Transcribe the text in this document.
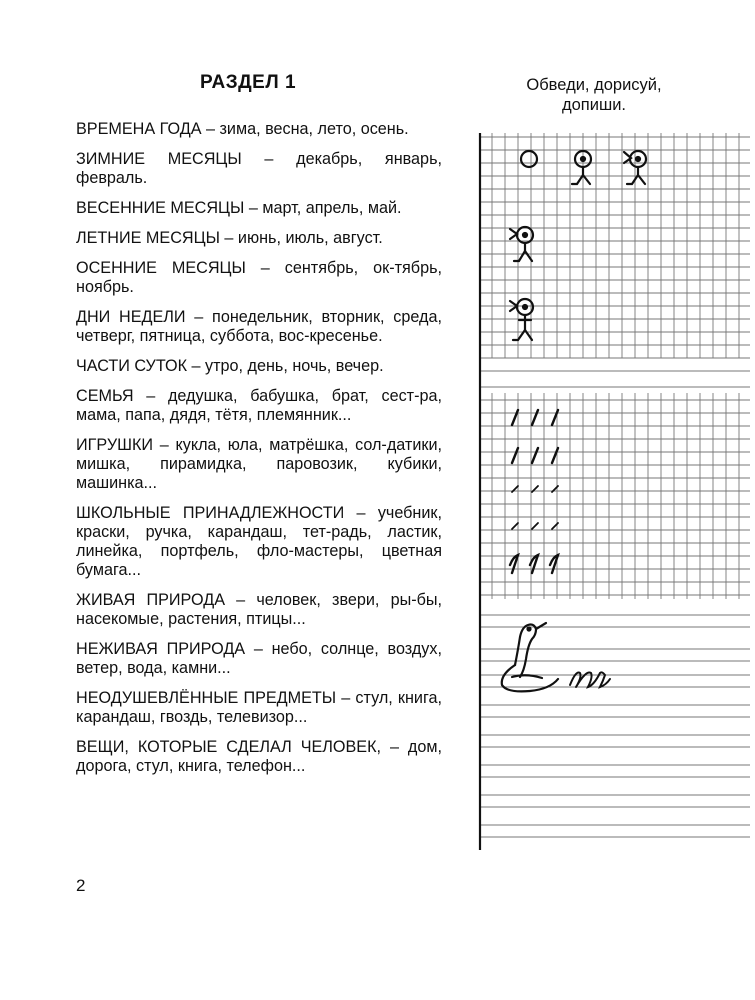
РАЗДЕЛ 1	Обведи, дорисуй,
допиши.

ВРЕМЕНА ГОДА – зима, весна, лето, осень.

ЗИМНИЕ МЕСЯЦЫ – декабрь, январь, февраль.

ВЕСЕННИЕ МЕСЯЦЫ – март, апрель, май.

ЛЕТНИЕ МЕСЯЦЫ – июнь, июль, август.

ОСЕННИЕ МЕСЯЦЫ – сентябрь, ок-тябрь, ноябрь.

ДНИ НЕДЕЛИ – понедельник, вторник, среда, четверг, пятница, суббота, вос-кресенье.

ЧАСТИ СУТОК – утро, день, ночь, вечер.

СЕМЬЯ – дедушка, бабушка, брат, сест-ра, мама, папа, дядя, тётя, племянник...

ИГРУШКИ – кукла, юла, матрёшка, сол-датики, мишка, пирамидка, паровозик, кубики, машинка...

ШКОЛЬНЫЕ ПРИНАДЛЕЖНОСТИ – учебник, краски, ручка, карандаш, тет-радь, ластик, линейка, портфель, фло-мастеры, цветная бумага...

ЖИВАЯ ПРИРОДА – человек, звери, ры-бы, насекомые, растения, птицы...

НЕЖИВАЯ ПРИРОДА – небо, солнце, воздух, ветер, вода, камни...

НЕОДУШЕВЛЁННЫЕ ПРЕДМЕТЫ – стул, книга, карандаш, гвоздь, телевизор...

ВЕЩИ, КОТОРЫЕ СДЕЛАЛ ЧЕЛОВЕК, – дом, дорога, стул, книга, телефон...

2
